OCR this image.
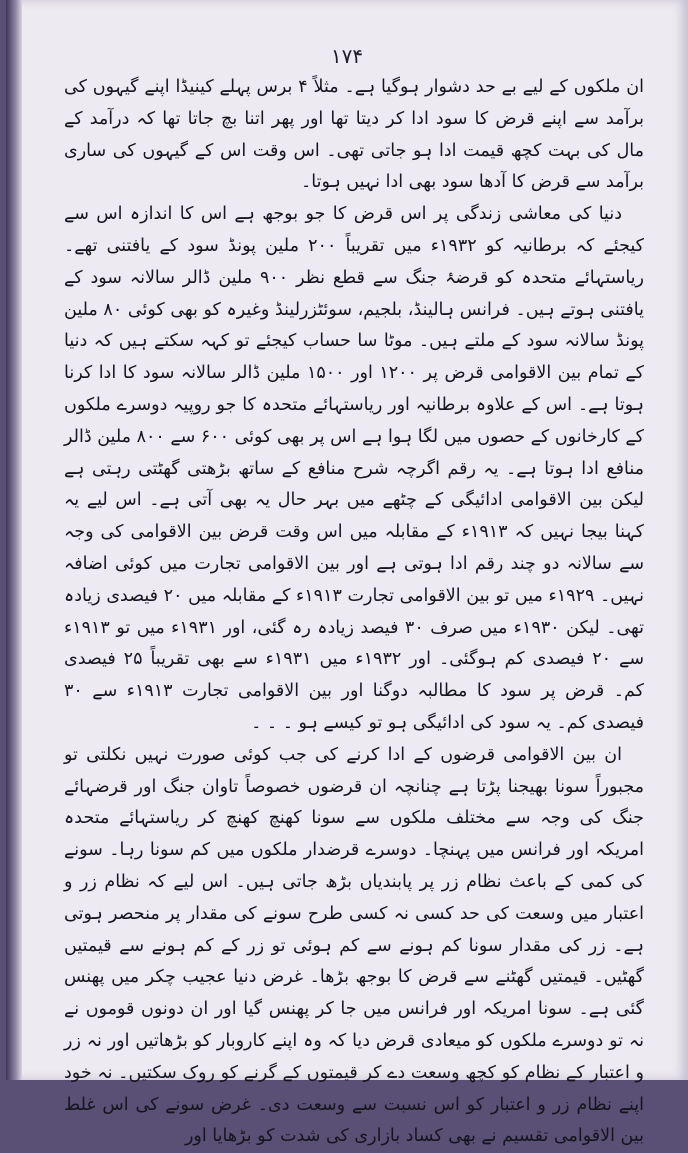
۱۷۴

ان ملکوں کے لیے بے حد دشوار ہوگیا ہے۔ مثلاً ۴ برس پہلے کینیڈا اپنے گیہوں کی برآمد سے اپنے قرض کا سود ادا کر دیتا تھا اور پھر اتنا بچ جاتا تھا کہ درآمد کے مال کی بہت کچھ قیمت ادا ہو جاتی تھی۔ اس وقت اس کے گیہوں کی ساری برآمد سے قرض کا آدھا سود بھی ادا نہیں ہوتا۔

دنیا کی معاشی زندگی پر اس قرض کا جو بوجھ ہے اس کا اندازہ اس سے کیجئے کہ برطانیہ کو ۱۹۳۲ء میں تقریباً ۲۰۰ ملین پونڈ سود کے یافتنی تھے۔ ریاستہائے متحدہ کو قرضۂ جنگ سے قطع نظر ۹۰۰ ملین ڈالر سالانہ سود کے یافتنی ہوتے ہیں۔ فرانس ہالینڈ، بلجیم، سوئٹزرلینڈ وغیرہ کو بھی کوئی ۸۰ ملین پونڈ سالانہ سود کے ملتے ہیں۔ موٹا سا حساب کیجئے تو کہہ سکتے ہیں کہ دنیا کے تمام بین الاقوامی قرض پر ۱۲۰۰ اور ۱۵۰۰ ملین ڈالر سالانہ سود کا ادا کرنا ہوتا ہے۔ اس کے علاوہ برطانیہ اور ریاستہائے متحدہ کا جو روپیہ دوسرے ملکوں کے کارخانوں کے حصوں میں لگا ہوا ہے اس پر بھی کوئی ۶۰۰ سے ۸۰۰ ملین ڈالر منافع ادا ہوتا ہے۔ یہ رقم اگرچہ شرح منافع کے ساتھ بڑھتی گھٹتی رہتی ہے لیکن بین الاقوامی ادائیگی کے چٹھے میں بہر حال یہ بھی آتی ہے۔ اس لیے یہ کہنا بیجا نہیں کہ ۱۹۱۳ء کے مقابلہ میں اس وقت قرض بین الاقوامی کی وجہ سے سالانہ دو چند رقم ادا ہوتی ہے اور بین الاقوامی تجارت میں کوئی اضافہ نہیں۔ ۱۹۲۹ء میں تو بین الاقوامی تجارت ۱۹۱۳ء کے مقابلہ میں ۲۰ فیصدی زیادہ تھی۔ لیکن ۱۹۳۰ء میں صرف ۳۰ فیصد زیادہ رہ گئی، اور ۱۹۳۱ء میں تو ۱۹۱۳ء سے ۲۰ فیصدی کم ہوگئی۔ اور ۱۹۳۲ء میں ۱۹۳۱ء سے بھی تقریباً ۲۵ فیصدی کم۔ قرض پر سود کا مطالبہ دوگنا اور بین الاقوامی تجارت ۱۹۱۳ء سے ۳۰ فیصدی کم۔ یہ سود کی ادائیگی ہو تو کیسے ہو ۔ ۔ ۔

ان بین الاقوامی قرضوں کے ادا کرنے کی جب کوئی صورت نہیں نکلتی تو مجبوراً سونا بھیجنا پڑتا ہے چنانچہ ان قرضوں خصوصاً تاوان جنگ اور قرضہائے جنگ کی وجہ سے مختلف ملکوں سے سونا کھنچ کھنچ کر ریاستہائے متحدہ امریکہ اور فرانس میں پہنچا۔ دوسرے قرضدار ملکوں میں کم سونا رہا۔ سونے کی کمی کے باعث نظام زر پر پابندیاں بڑھ جاتی ہیں۔ اس لیے کہ نظام زر و اعتبار میں وسعت کی حد کسی نہ کسی طرح سونے کی مقدار پر منحصر ہوتی ہے۔ زر کی مقدار سونا کم ہونے سے کم ہوئی تو زر کے کم ہونے سے قیمتیں گھٹیں۔ قیمتیں گھٹنے سے قرض کا بوجھ بڑھا۔ غرض دنیا عجیب چکر میں پھنس گئی ہے۔ سونا امریکہ اور فرانس میں جا کر پھنس گیا اور ان دونوں قوموں نے نہ تو دوسرے ملکوں کو میعادی قرض دیا کہ وہ اپنے کاروبار کو بڑھاتیں اور نہ زر و اعتبار کے نظام کو کچھ وسعت دے کر قیمتوں کے گرنے کو روک سکتیں۔ نہ خود اپنے نظام زر و اعتبار کو اس نسبت سے وسعت دی۔ غرض سونے کی اس غلط بین الاقوامی تقسیم نے بھی کساد بازاری کی شدت کو بڑھایا اور
